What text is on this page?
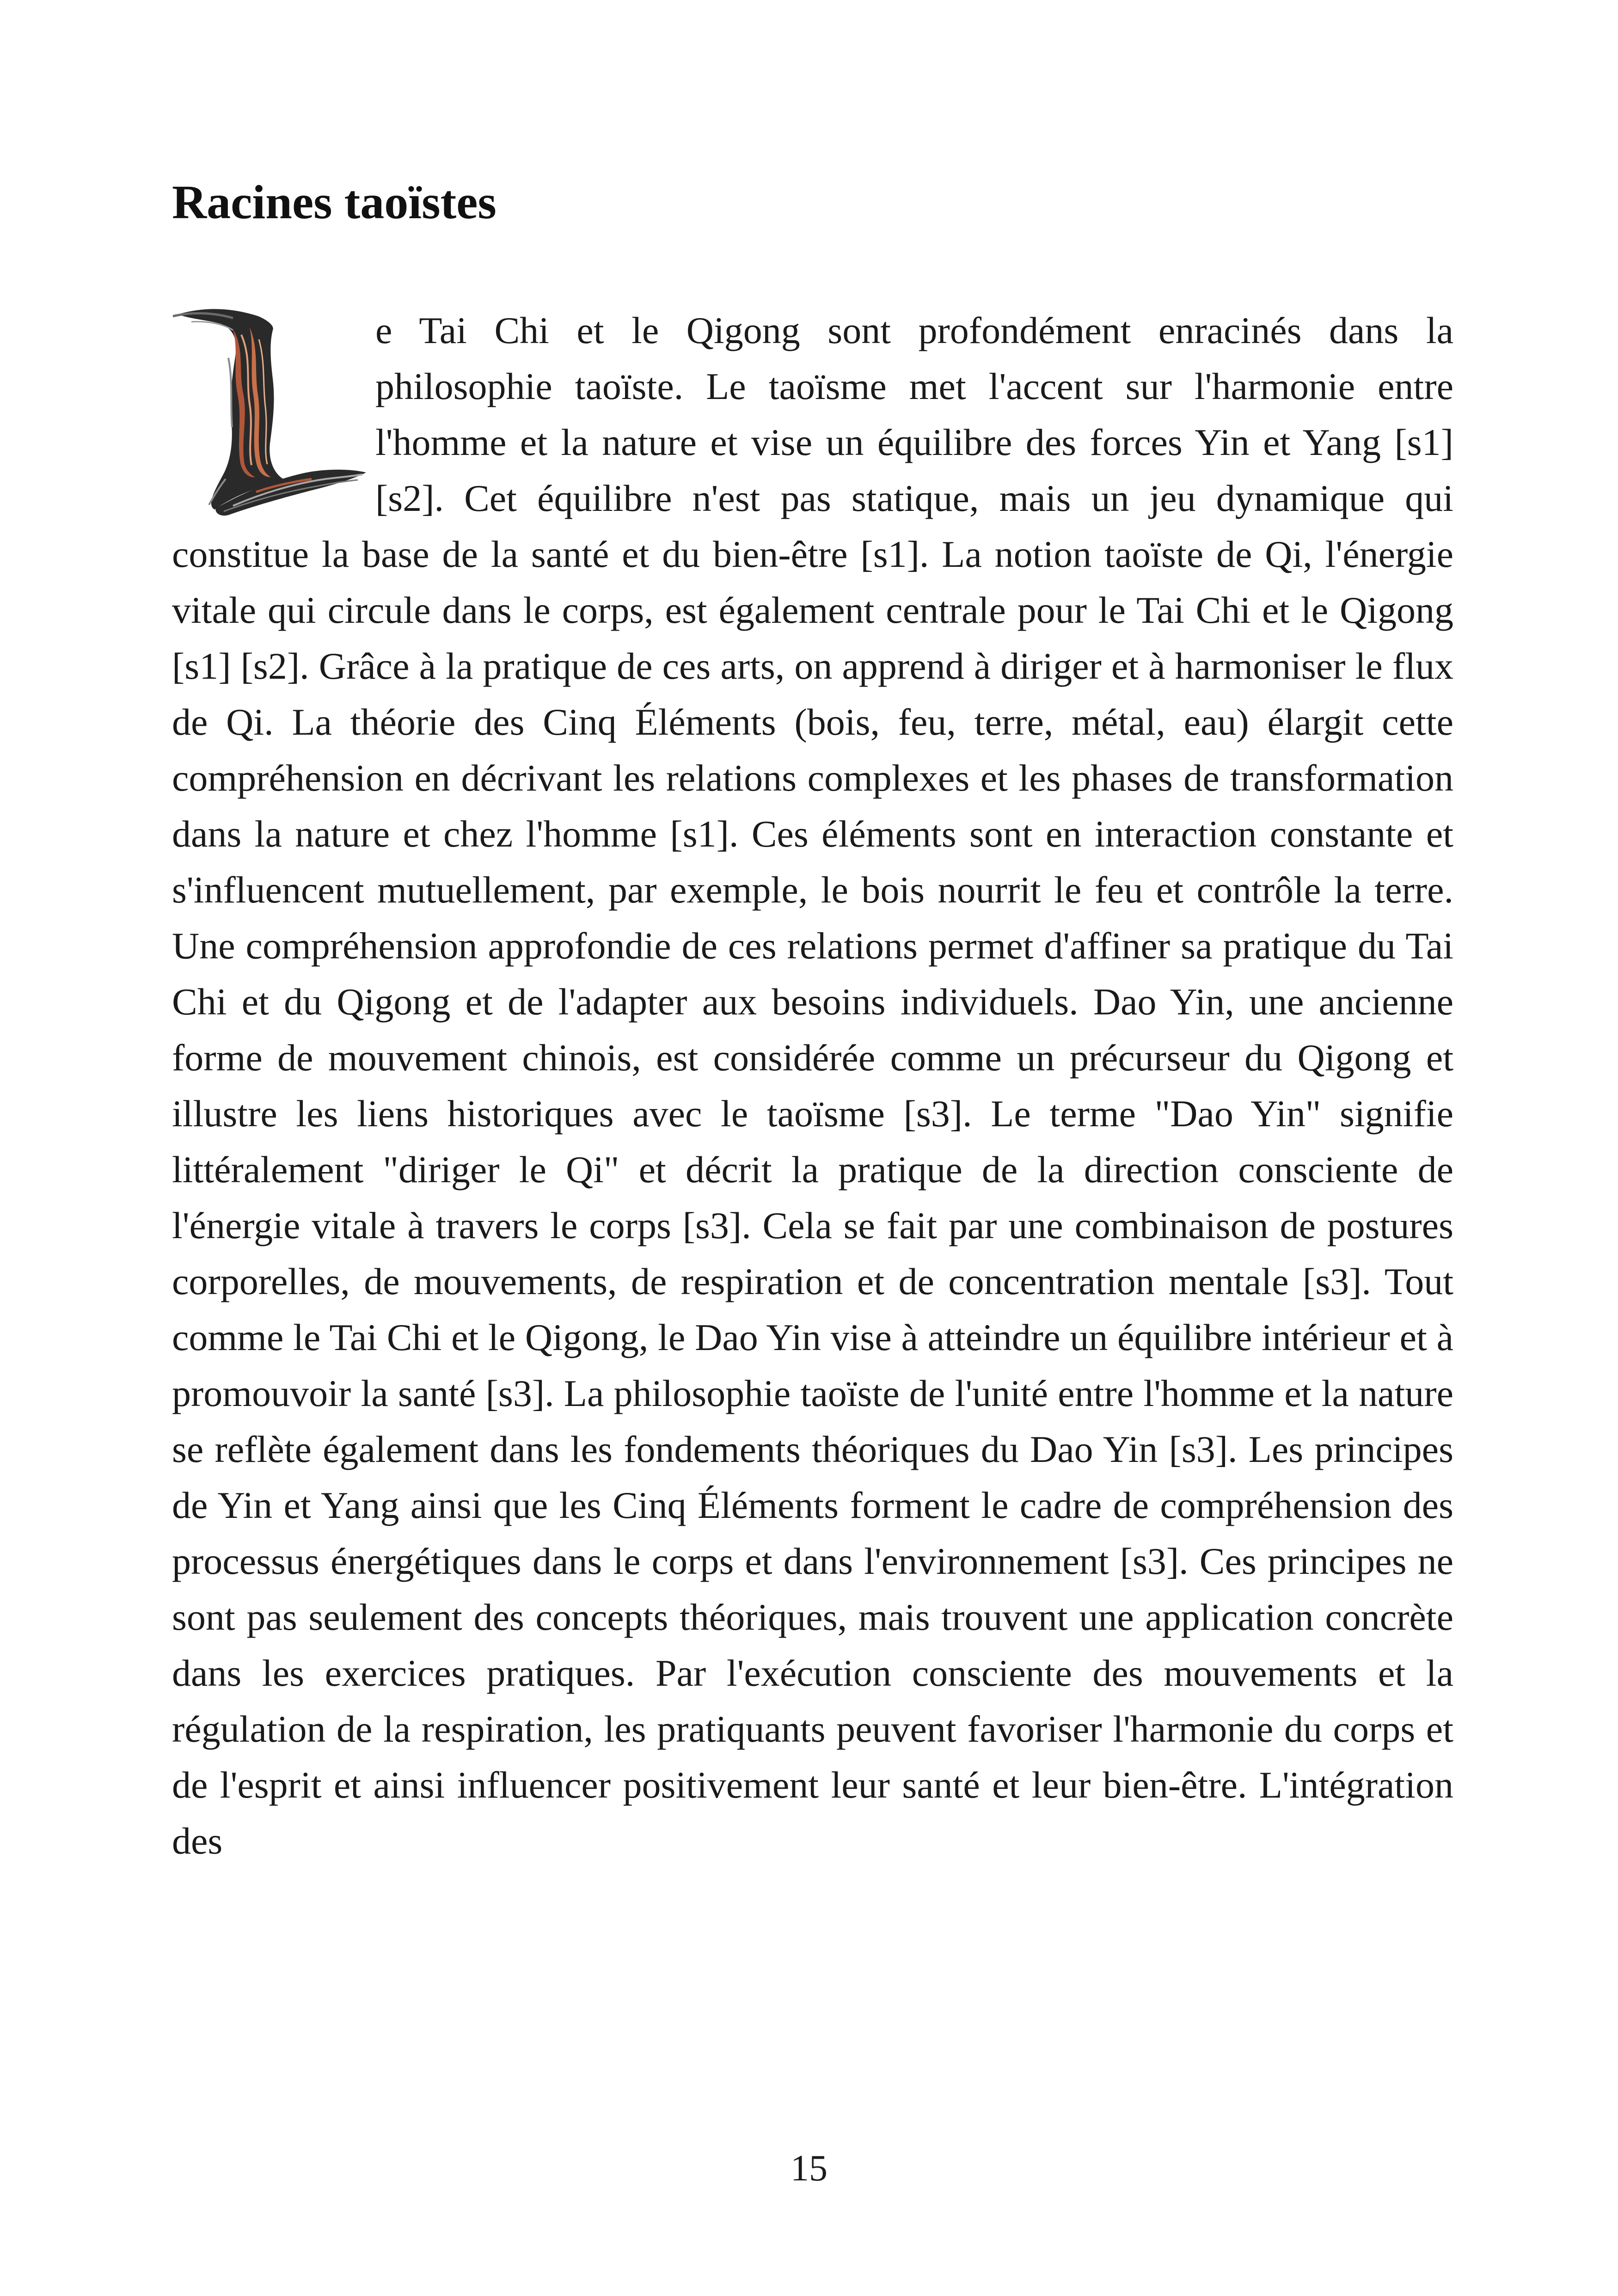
Racines taoïstes

e Tai Chi et le Qigong sont profondément enracinés dans la philosophie taoïste. Le taoïsme met l'accent sur l'harmonie entre l'homme et la nature et vise un équilibre des forces Yin et Yang [s1] [s2]. Cet équilibre n'est pas statique, mais un jeu dynamique qui constitue la base de la santé et du bien-être [s1]. La notion taoïste de Qi, l'énergie vitale qui circule dans le corps, est également centrale pour le Tai Chi et le Qigong [s1] [s2]. Grâce à la pratique de ces arts, on apprend à diriger et à harmoniser le flux de Qi. La théorie des Cinq Éléments (bois, feu, terre, métal, eau) élargit cette compréhension en décrivant les relations complexes et les phases de transformation dans la nature et chez l'homme [s1]. Ces éléments sont en interaction constante et s'influencent mutuellement, par exemple, le bois nourrit le feu et contrôle la terre. Une compréhension approfondie de ces relations permet d'affiner sa pratique du Tai Chi et du Qigong et de l'adapter aux besoins individuels. Dao Yin, une ancienne forme de mouvement chinois, est considérée comme un précurseur du Qigong et illustre les liens historiques avec le taoïsme [s3]. Le terme "Dao Yin" signifie littéralement "diriger le Qi" et décrit la pratique de la direction consciente de l'énergie vitale à travers le corps [s3]. Cela se fait par une combinaison de postures corporelles, de mouvements, de respiration et de concentration mentale [s3]. Tout comme le Tai Chi et le Qigong, le Dao Yin vise à atteindre un équilibre intérieur et à promouvoir la santé [s3]. La philosophie taoïste de l'unité entre l'homme et la nature se reflète également dans les fondements théoriques du Dao Yin [s3]. Les principes de Yin et Yang ainsi que les Cinq Éléments forment le cadre de compréhension des processus énergétiques dans le corps et dans l'environnement [s3]. Ces principes ne sont pas seulement des concepts théoriques, mais trouvent une application concrète dans les exercices pratiques. Par l'exécution consciente des mouvements et la régulation de la respiration, les pratiquants peuvent favoriser l'harmonie du corps et de l'esprit et ainsi influencer positivement leur santé et leur bien-être. L'intégration des

15
